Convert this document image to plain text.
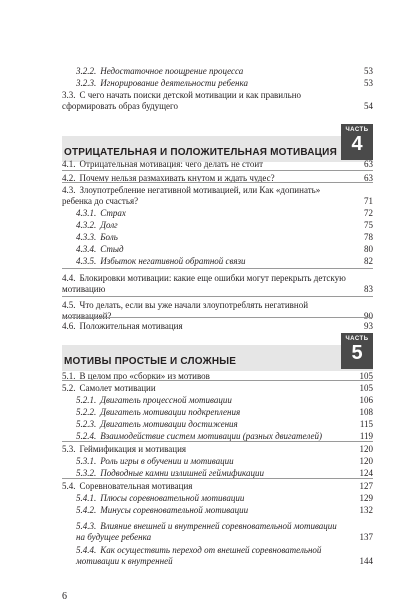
3.2.2. Недостаточное поощрение процесса	53
3.2.3. Игнорирование деятельности ребенка	53
3.3. С чего начать поиски детской мотивации и как правильно сформировать образ будущего	54
ОТРИЦАТЕЛЬНАЯ И ПОЛОЖИТЕЛЬНАЯ МОТИВАЦИЯ
ЧАСТЬ
4
4.1. Отрицательная мотивация: чего делать не стоит	63
4.2. Почему нельзя размахивать кнутом и ждать чудес?	63
4.3. Злоупотребление негативной мотивацией, или Как «допинать» ребенка до счастья?	71
4.3.1. Страх	72
4.3.2. Долг	75
4.3.3. Боль	78
4.3.4. Стыд	80
4.3.5. Избыток негативной обратной связи	82
4.4. Блокировки мотивации: какие еще ошибки могут перекрыть детскую мотивацию	83
4.5. Что делать, если вы уже начали злоупотреблять негативной мотивацией?	90
4.6. Положительная мотивация	93
МОТИВЫ ПРОСТЫЕ И СЛОЖНЫЕ
ЧАСТЬ
5
5.1. В целом про «сборки» из мотивов	105
5.2. Самолет мотивации	105
5.2.1. Двигатель процессной мотивации	106
5.2.2. Двигатель мотивации подкрепления	108
5.2.3. Двигатель мотивации достижения	115
5.2.4. Взаимодействие систем мотивации (разных двигателей)	119
5.3. Геймификация и мотивация	120
5.3.1. Роль игры в обучении и мотивации	120
5.3.2. Подводные камни излишней геймификации	124
5.4. Соревновательная мотивация	127
5.4.1. Плюсы соревновательной мотивации	129
5.4.2. Минусы соревновательной мотивации	132
5.4.3. Влияние внешней и внутренней соревновательной мотивации на будущее ребенка	137
5.4.4. Как осуществить переход от внешней соревновательной мотивации к внутренней	144
6
